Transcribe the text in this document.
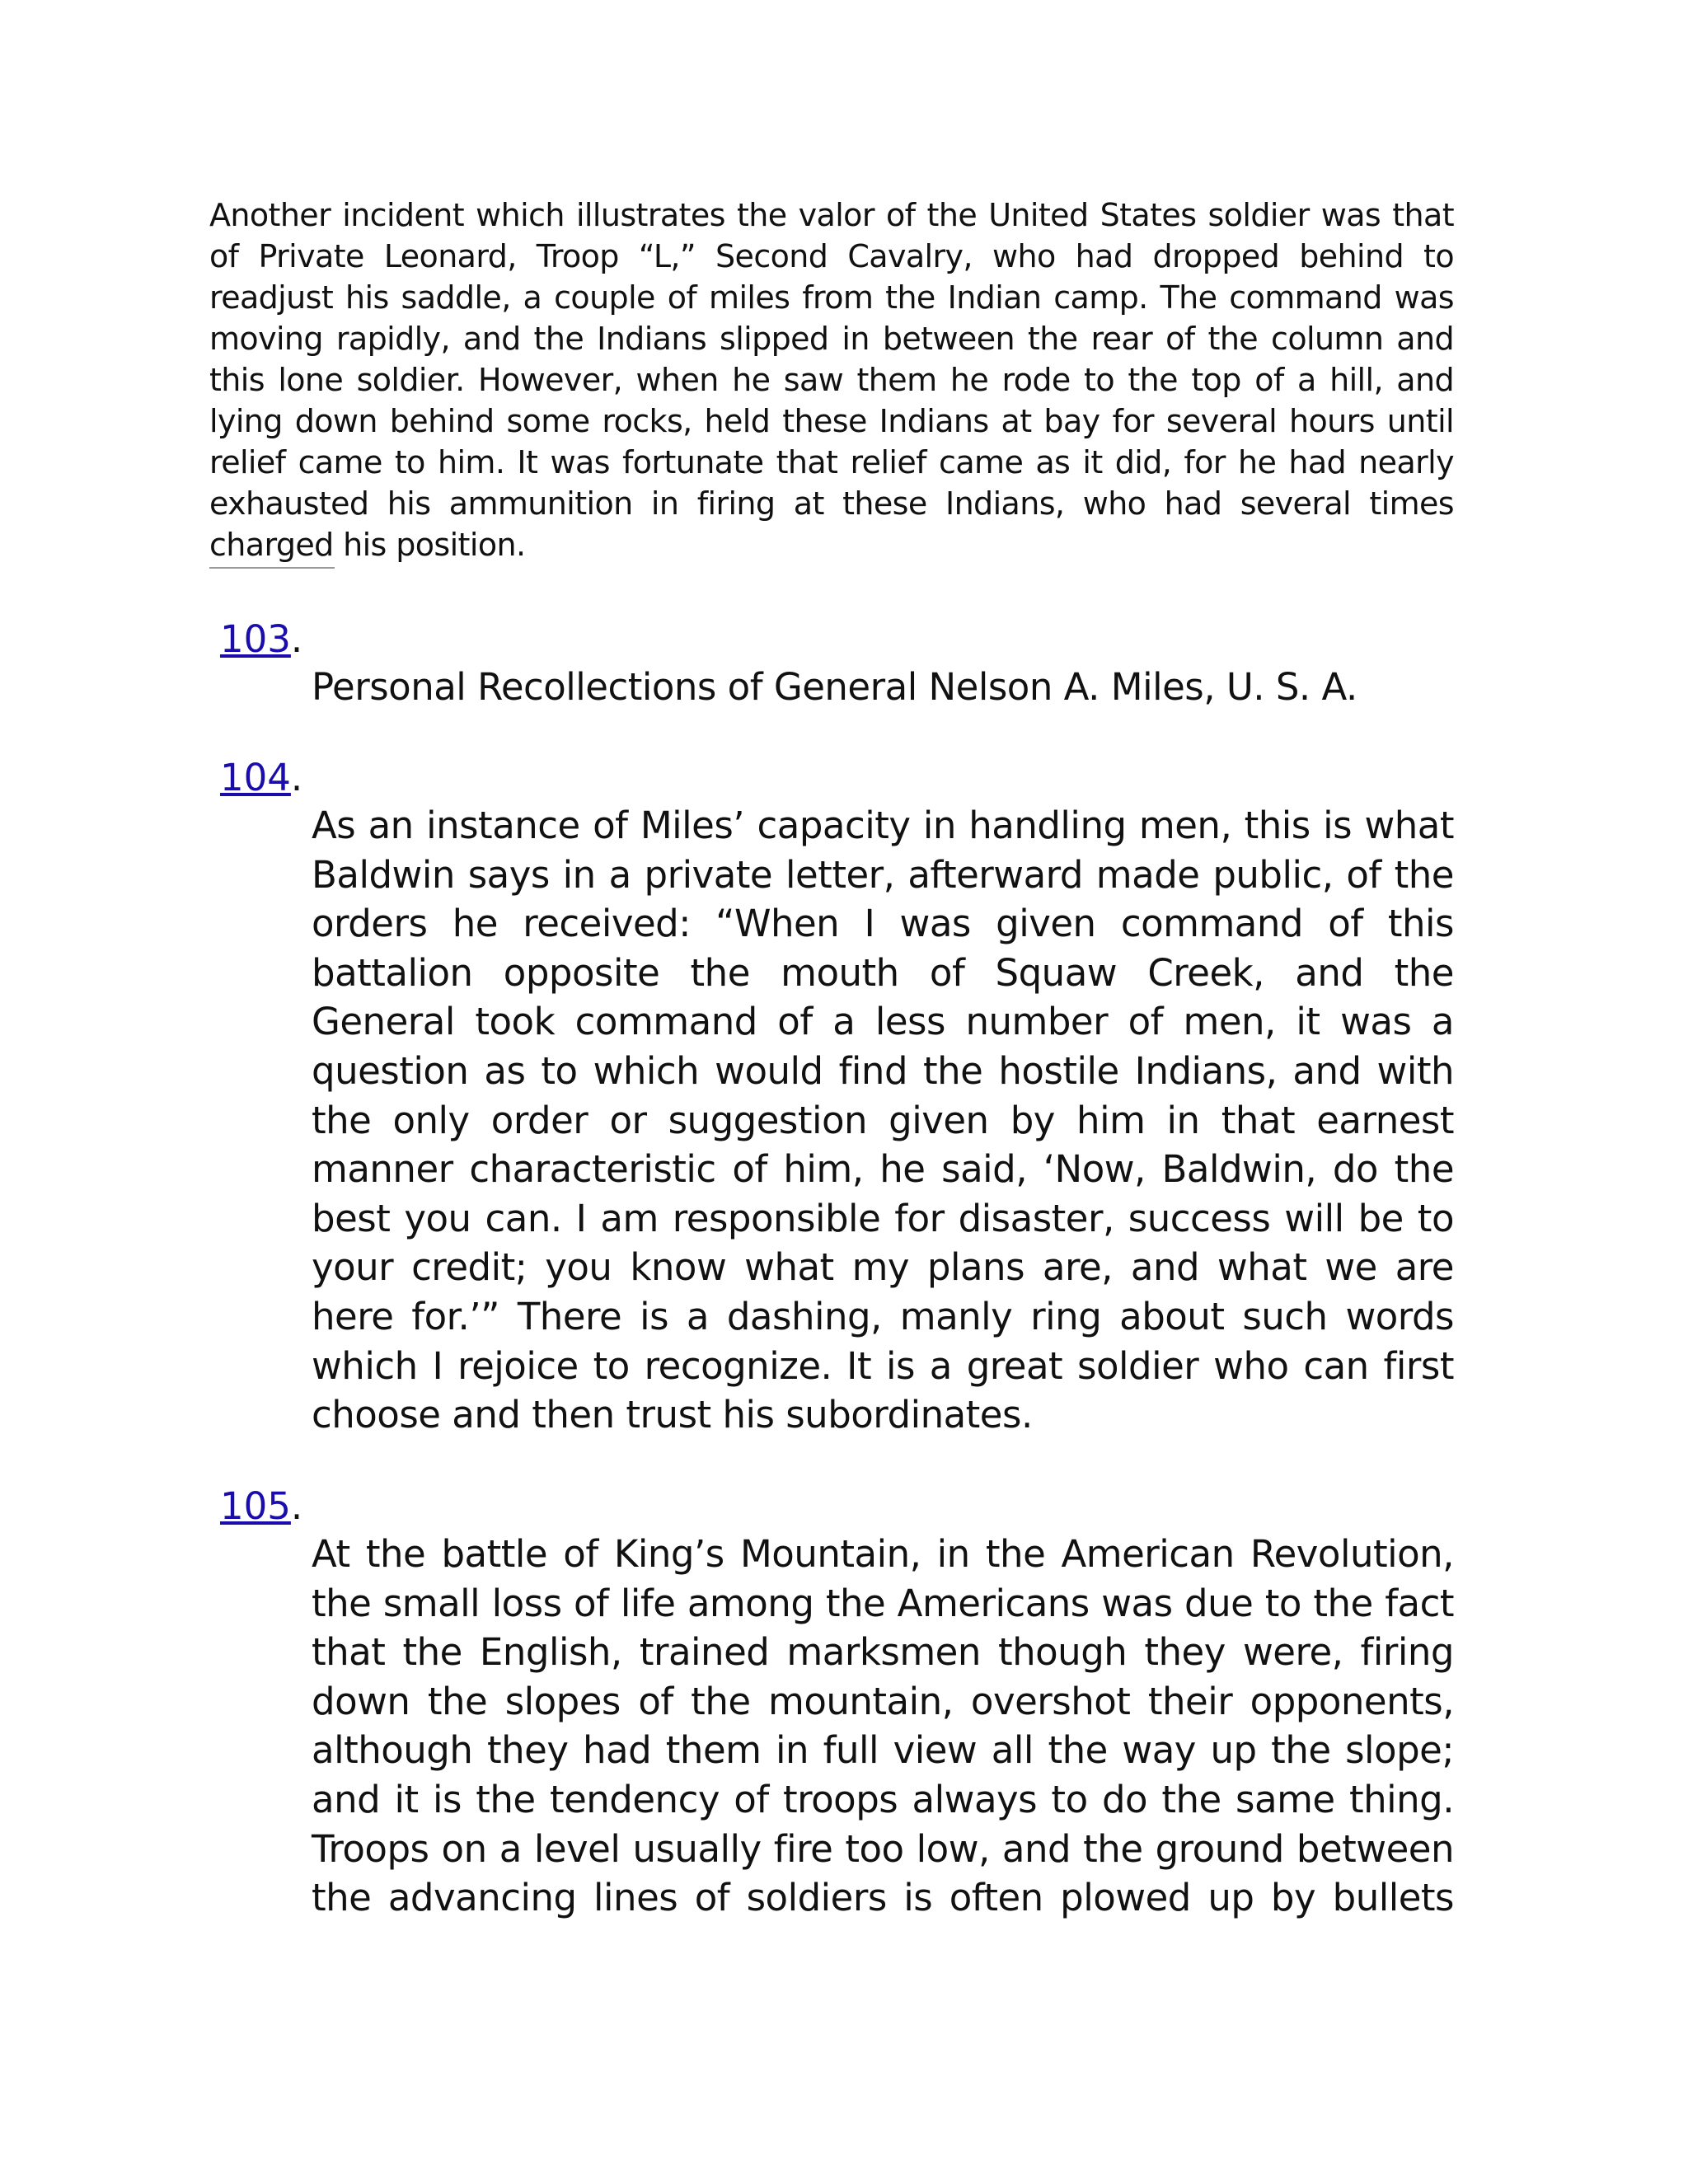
Another incident which illustrates the valor of the United States soldier was that of Private Leonard, Troop “L,” Second Cavalry, who had dropped behind to readjust his saddle, a couple of miles from the Indian camp. The command was moving rapidly, and the Indians slipped in between the rear of the column and this lone soldier. However, when he saw them he rode to the top of a hill, and lying down behind some rocks, held these Indians at bay for several hours until relief came to him. It was fortunate that relief came as it did, for he had nearly exhausted his ammunition in firing at these Indians, who had several times charged his position.

103.

Personal Recollections of General Nelson A. Miles, U. S. A.

104.

As an instance of Miles’ capacity in handling men, this is what Baldwin says in a private letter, afterward made public, of the orders he received: “When I was given command of this battalion opposite the mouth of Squaw Creek, and the General took command of a less number of men, it was a question as to which would find the hostile Indians, and with the only order or suggestion given by him in that earnest manner characteristic of him, he said, ‘Now, Baldwin, do the best you can. I am responsible for disaster, success will be to your credit; you know what my plans are, and what we are here for.’” There is a dashing, manly ring about such words which I rejoice to recognize. It is a great soldier who can first choose and then trust his subordinates.

105.

At the battle of King’s Mountain, in the American Revolution, the small loss of life among the Americans was due to the fact that the English, trained marksmen though they were, firing down the slopes of the mountain, overshot their opponents, although they had them in full view all the way up the slope; and it is the tendency of troops always to do the same thing. Troops on a level usually fire too low, and the ground between the advancing lines of soldiers is often plowed up by bullets
